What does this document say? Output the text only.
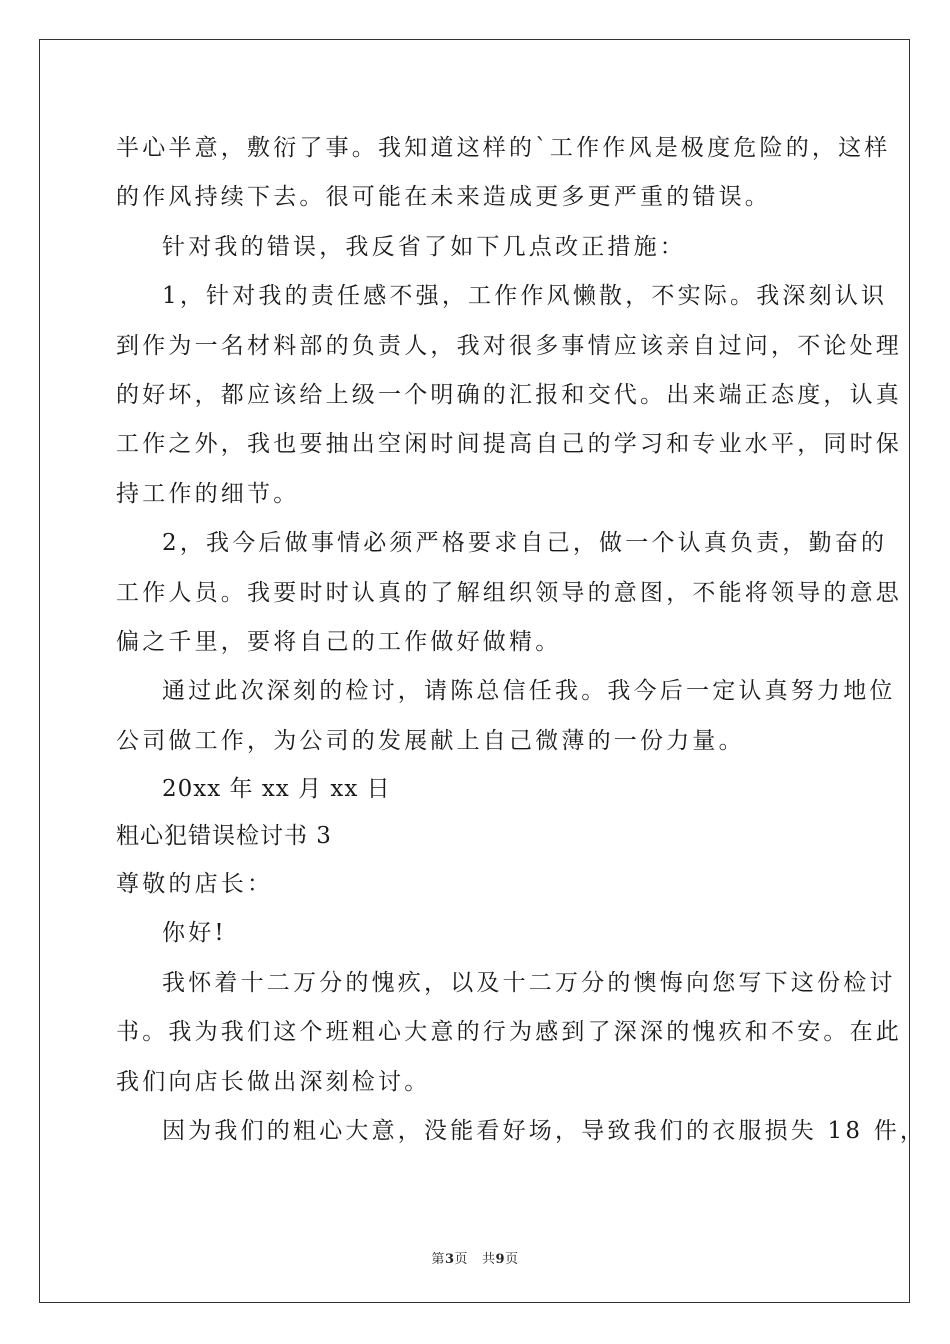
半心半意，敷衍了事。我知道这样的`工作作风是极度危险的，这样

的作风持续下去。很可能在未来造成更多更严重的错误。

针对我的错误，我反省了如下几点改正措施：

1，针对我的责任感不强，工作作风懒散，不实际。我深刻认识

到作为一名材料部的负责人，我对很多事情应该亲自过问，不论处理

的好坏，都应该给上级一个明确的汇报和交代。出来端正态度，认真

工作之外，我也要抽出空闲时间提高自己的学习和专业水平，同时保

持工作的细节。

2，我今后做事情必须严格要求自己，做一个认真负责，勤奋的

工作人员。我要时时认真的了解组织领导的意图，不能将领导的意思

偏之千里，要将自己的工作做好做精。

通过此次深刻的检讨，请陈总信任我。我今后一定认真努力地位

公司做工作，为公司的发展献上自己微薄的一份力量。

20xx 年 xx 月 xx 日

粗心犯错误检讨书 3

尊敬的店长：

你好!

我怀着十二万分的愧疚，以及十二万分的懊悔向您写下这份检讨

书。我为我们这个班粗心大意的行为感到了深深的愧疚和不安。在此

我们向店长做出深刻检讨。

因为我们的粗心大意，没能看好场，导致我们的衣服损失 18 件，

第3页 共9页
